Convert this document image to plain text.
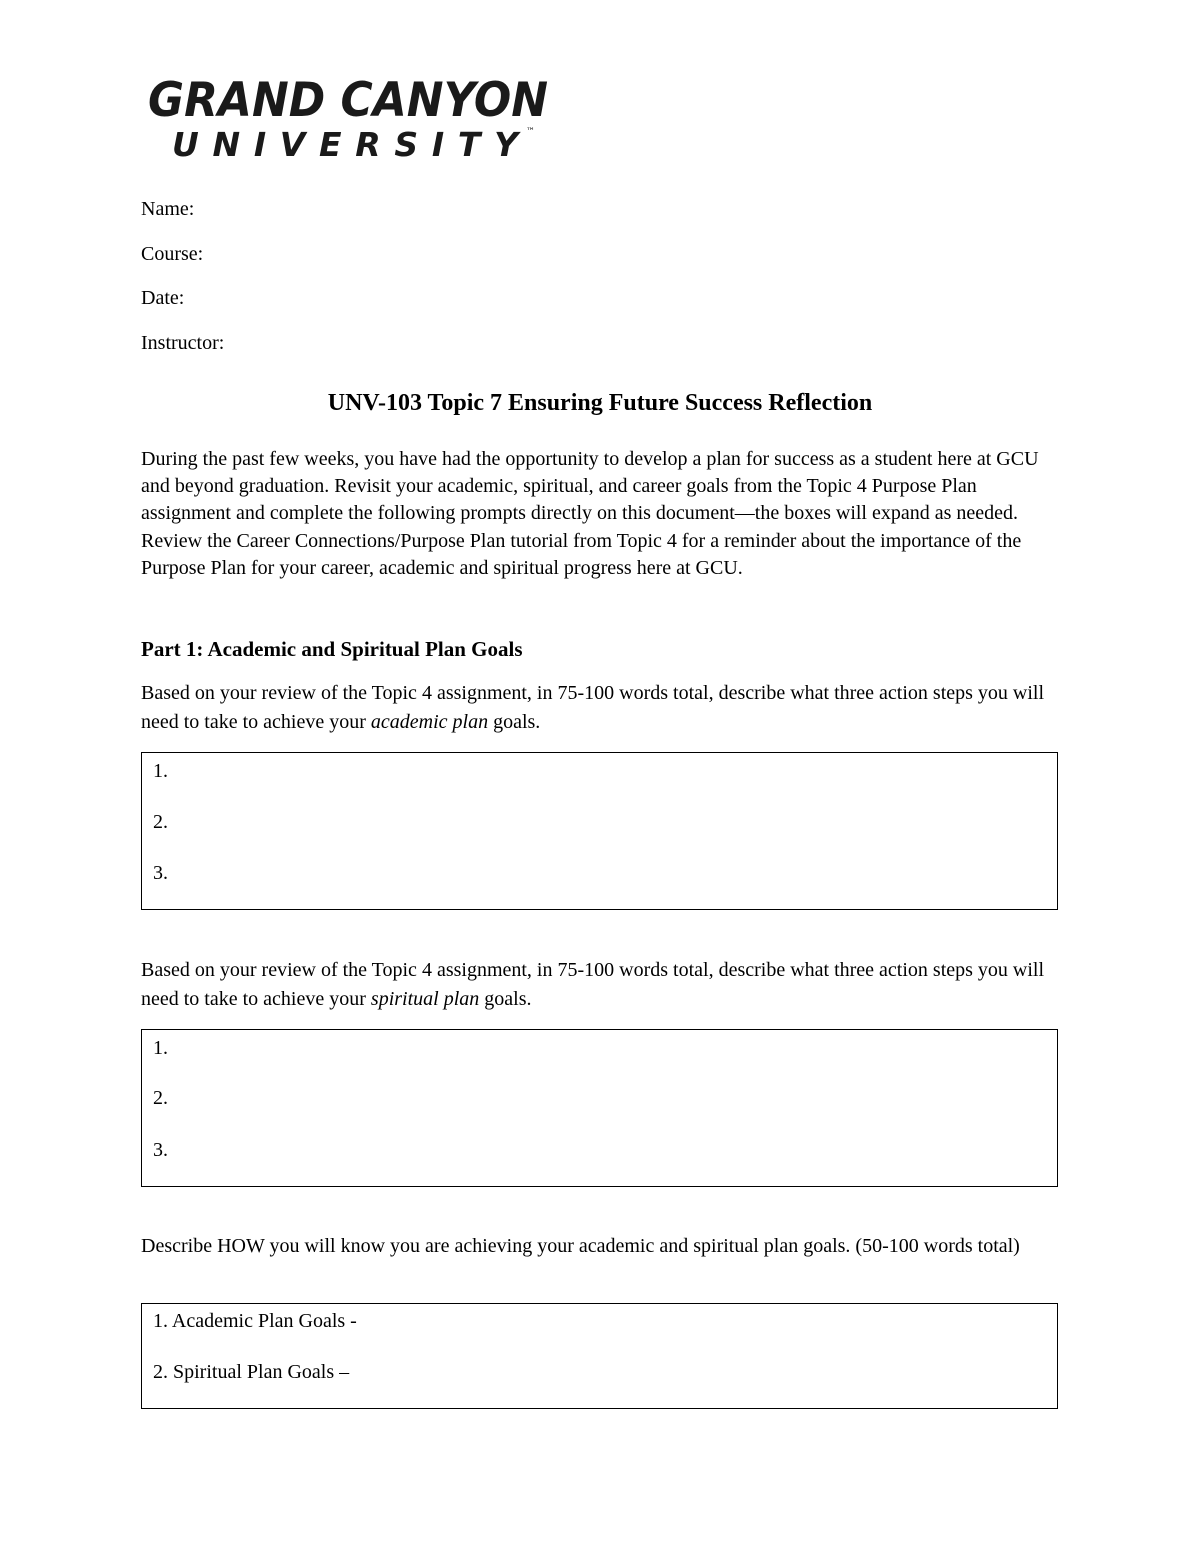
GRAND CANYON
UNIVERSITY ™
Name:
Course:
Date:
Instructor:
UNV-103 Topic 7 Ensuring Future Success Reflection
During the past few weeks, you have had the opportunity to develop a plan for success as a student here at GCU and beyond graduation. Revisit your academic, spiritual, and career goals from the Topic 4 Purpose Plan assignment and complete the following prompts directly on this document—the boxes will expand as needed. Review the Career Connections/Purpose Plan tutorial from Topic 4 for a reminder about the importance of the Purpose Plan for your career, academic and spiritual progress here at GCU.
Part 1: Academic and Spiritual Plan Goals
Based on your review of the Topic 4 assignment, in 75-100 words total, describe what three action steps you will need to take to achieve your academic plan goals.
1.
2.
3.
Based on your review of the Topic 4 assignment, in 75-100 words total, describe what three action steps you will need to take to achieve your spiritual plan goals.
1.
2.
3.
Describe HOW you will know you are achieving your academic and spiritual plan goals. (50-100 words total)
1. Academic Plan Goals -
2. Spiritual Plan Goals –
